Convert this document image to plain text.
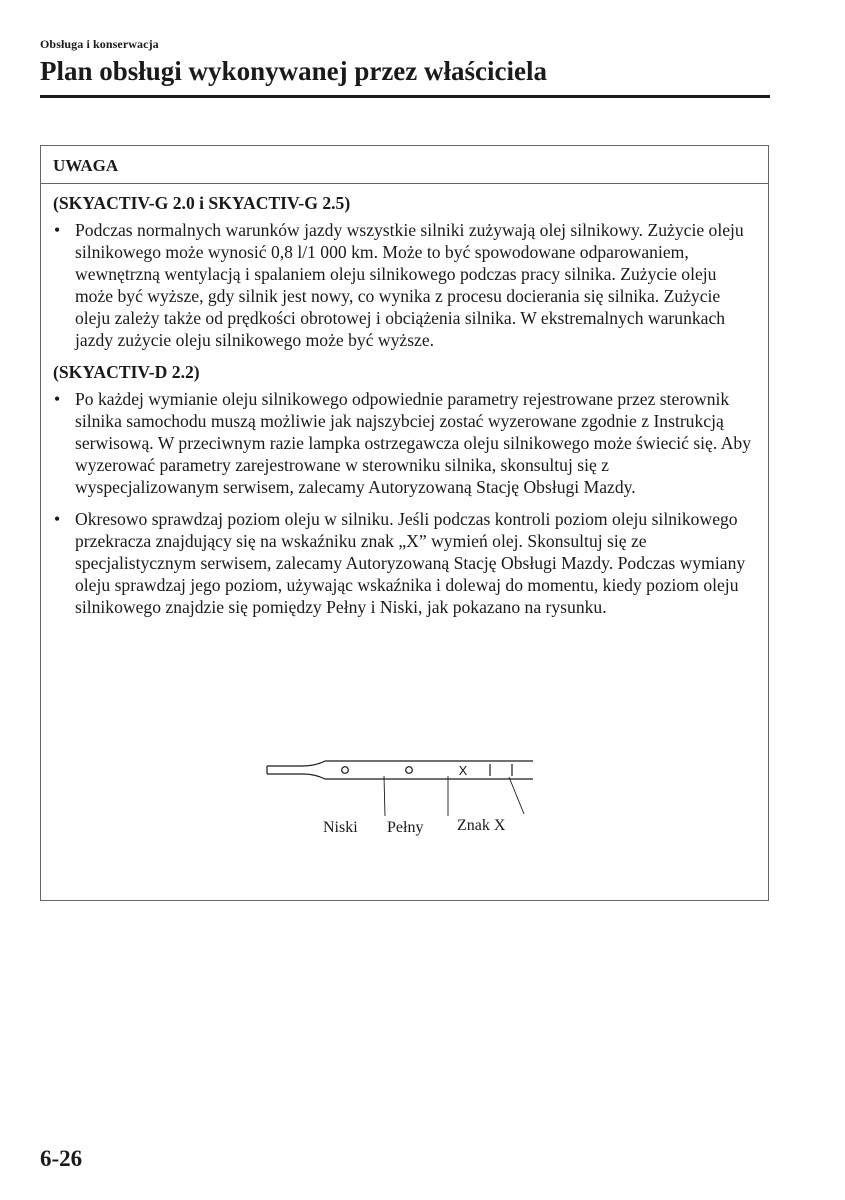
Obsługa i konserwacja
Plan obsługi wykonywanej przez właściciela
UWAGA

(SKYACTIV-G 2.0 i SKYACTIV-G 2.5)

• Podczas normalnych warunków jazdy wszystkie silniki zużywają olej silnikowy. Zużycie oleju silnikowego może wynosić 0,8 l/1 000 km. Może to być spowodowane odparowaniem, wewnętrzną wentylacją i spalaniem oleju silnikowego podczas pracy silnika. Zużycie oleju może być wyższe, gdy silnik jest nowy, co wynika z procesu docierania się silnika. Zużycie oleju zależy także od prędkości obrotowej i obciążenia silnika. W ekstremalnych warunkach jazdy zużycie oleju silnikowego może być wyższe.

(SKYACTIV-D 2.2)

• Po każdej wymianie oleju silnikowego odpowiednie parametry rejestrowane przez sterownik silnika samochodu muszą możliwie jak najszybciej zostać wyzerowane zgodnie z Instrukcją serwisową. W przeciwnym razie lampka ostrzegawcza oleju silnikowego może świecić się. Aby wyzerować parametry zarejestrowane w sterowniku silnika, skonsultuj się z wyspecjalizowanym serwisem, zalecamy Autoryzowaną Stację Obsługi Mazdy.
• Okresowo sprawdzaj poziom oleju w silniku. Jeśli podczas kontroli poziom oleju silnikowego przekracza znajdujący się na wskaźniku znak „X” wymień olej. Skonsultuj się ze specjalistycznym serwisem, zalecamy Autoryzowaną Stację Obsługi Mazdy. Podczas wymiany oleju sprawdzaj jego poziom, używając wskaźnika i dolewaj do momentu, kiedy poziom oleju silnikowego znajdzie się pomiędzy Pełny i Niski, jak pokazano na rysunku.
X
Niski Pełny Znak X
6-26
